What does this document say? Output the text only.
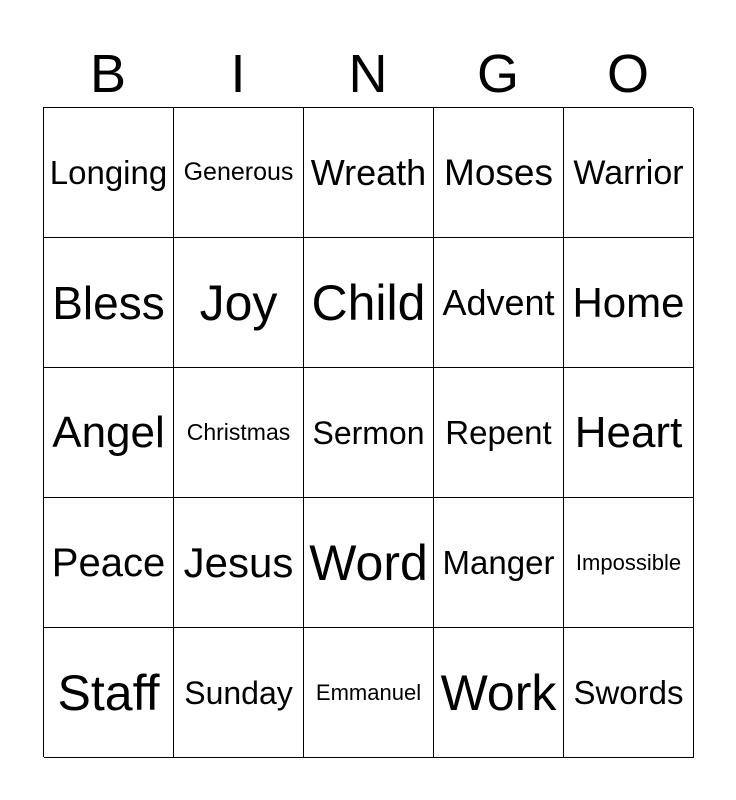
B	I	N	G	O
Longing Generous Wreath Moses Warrior
Bless Joy Child Advent Home
Angel Christmas Sermon Repent Heart
Peace Jesus Word Manger Impossible
Staff Sunday	Emmanuel Work Swords
